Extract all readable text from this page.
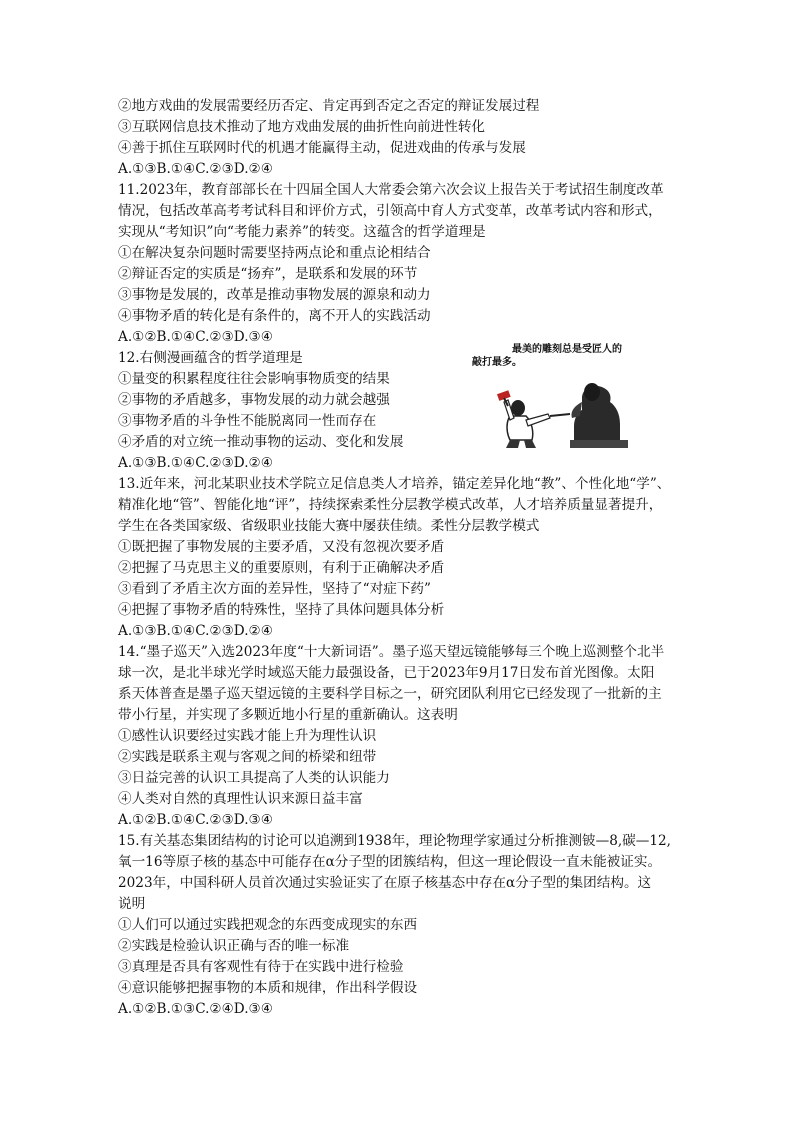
②地方戏曲的发展需要经历否定、肯定再到否定之否定的辩证发展过程
③互联网信息技术推动了地方戏曲发展的曲折性向前进性转化
④善于抓住互联网时代的机遇才能赢得主动，促进戏曲的传承与发展
A.①③B.①④C.②③D.②④
11.2023年，教育部部长在十四届全国人大常委会第六次会议上报告关于考试招生制度改革
情况，包括改革高考考试科目和评价方式，引领高中育人方式变革，改革考试内容和形式，
实现从“考知识”向“考能力素养”的转变。这蕴含的哲学道理是
①在解决复杂问题时需要坚持两点论和重点论相结合
②辩证否定的实质是“扬弃”，是联系和发展的环节
③事物是发展的，改革是推动事物发展的源泉和动力
④事物矛盾的转化是有条件的，离不开人的实践活动
A.①②B.①④C.②③D.③④
12.右侧漫画蕴含的哲学道理是
①量变的积累程度往往会影响事物质变的结果
②事物的矛盾越多，事物发展的动力就会越强
③事物矛盾的斗争性不能脱离同一性而存在
④矛盾的对立统一推动事物的运动、变化和发展
A.①③B.①④C.②③D.②④
最美的雕刻总是受匠人的
敲打最多。
13.近年来，河北某职业技术学院立足信息类人才培养，锚定差异化地“教”、个性化地“学”、
精准化地“管”、智能化地“评”，持续探索柔性分层教学模式改革，人才培养质量显著提升，
学生在各类国家级、省级职业技能大赛中屡获佳绩。柔性分层教学模式
①既把握了事物发展的主要矛盾，又没有忽视次要矛盾
②把握了马克思主义的重要原则，有利于正确解决矛盾
③看到了矛盾主次方面的差异性，坚持了“对症下药”
④把握了事物矛盾的特殊性，坚持了具体问题具体分析
A.①③B.①④C.②③D.②④
14.“墨子巡天”入选2023年度“十大新词语”。墨子巡天望远镜能够每三个晚上巡测整个北半
球一次，是北半球光学时域巡天能力最强设备，已于2023年9月17日发布首光图像。太阳
系天体普查是墨子巡天望远镜的主要科学目标之一，研究团队利用它已经发现了一批新的主
带小行星，并实现了多颗近地小行星的重新确认。这表明
①感性认识要经过实践才能上升为理性认识
②实践是联系主观与客观之间的桥梁和纽带
③日益完善的认识工具提高了人类的认识能力
④人类对自然的真理性认识来源日益丰富
A.①②B.①④C.②③D.③④
15.有关基态集团结构的讨论可以追溯到1938年，理论物理学家通过分析推测铍—8,碳—12,
氧一16等原子核的基态中可能存在α分子型的团簇结构，但这一理论假设一直未能被证实。
2023年，中国科研人员首次通过实验证实了在原子核基态中存在α分子型的集团结构。这
说明
①人们可以通过实践把观念的东西变成现实的东西
②实践是检验认识正确与否的唯一标准
③真理是否具有客观性有待于在实践中进行检验
④意识能够把握事物的本质和规律，作出科学假设
A.①②B.①③C.②④D.③④
